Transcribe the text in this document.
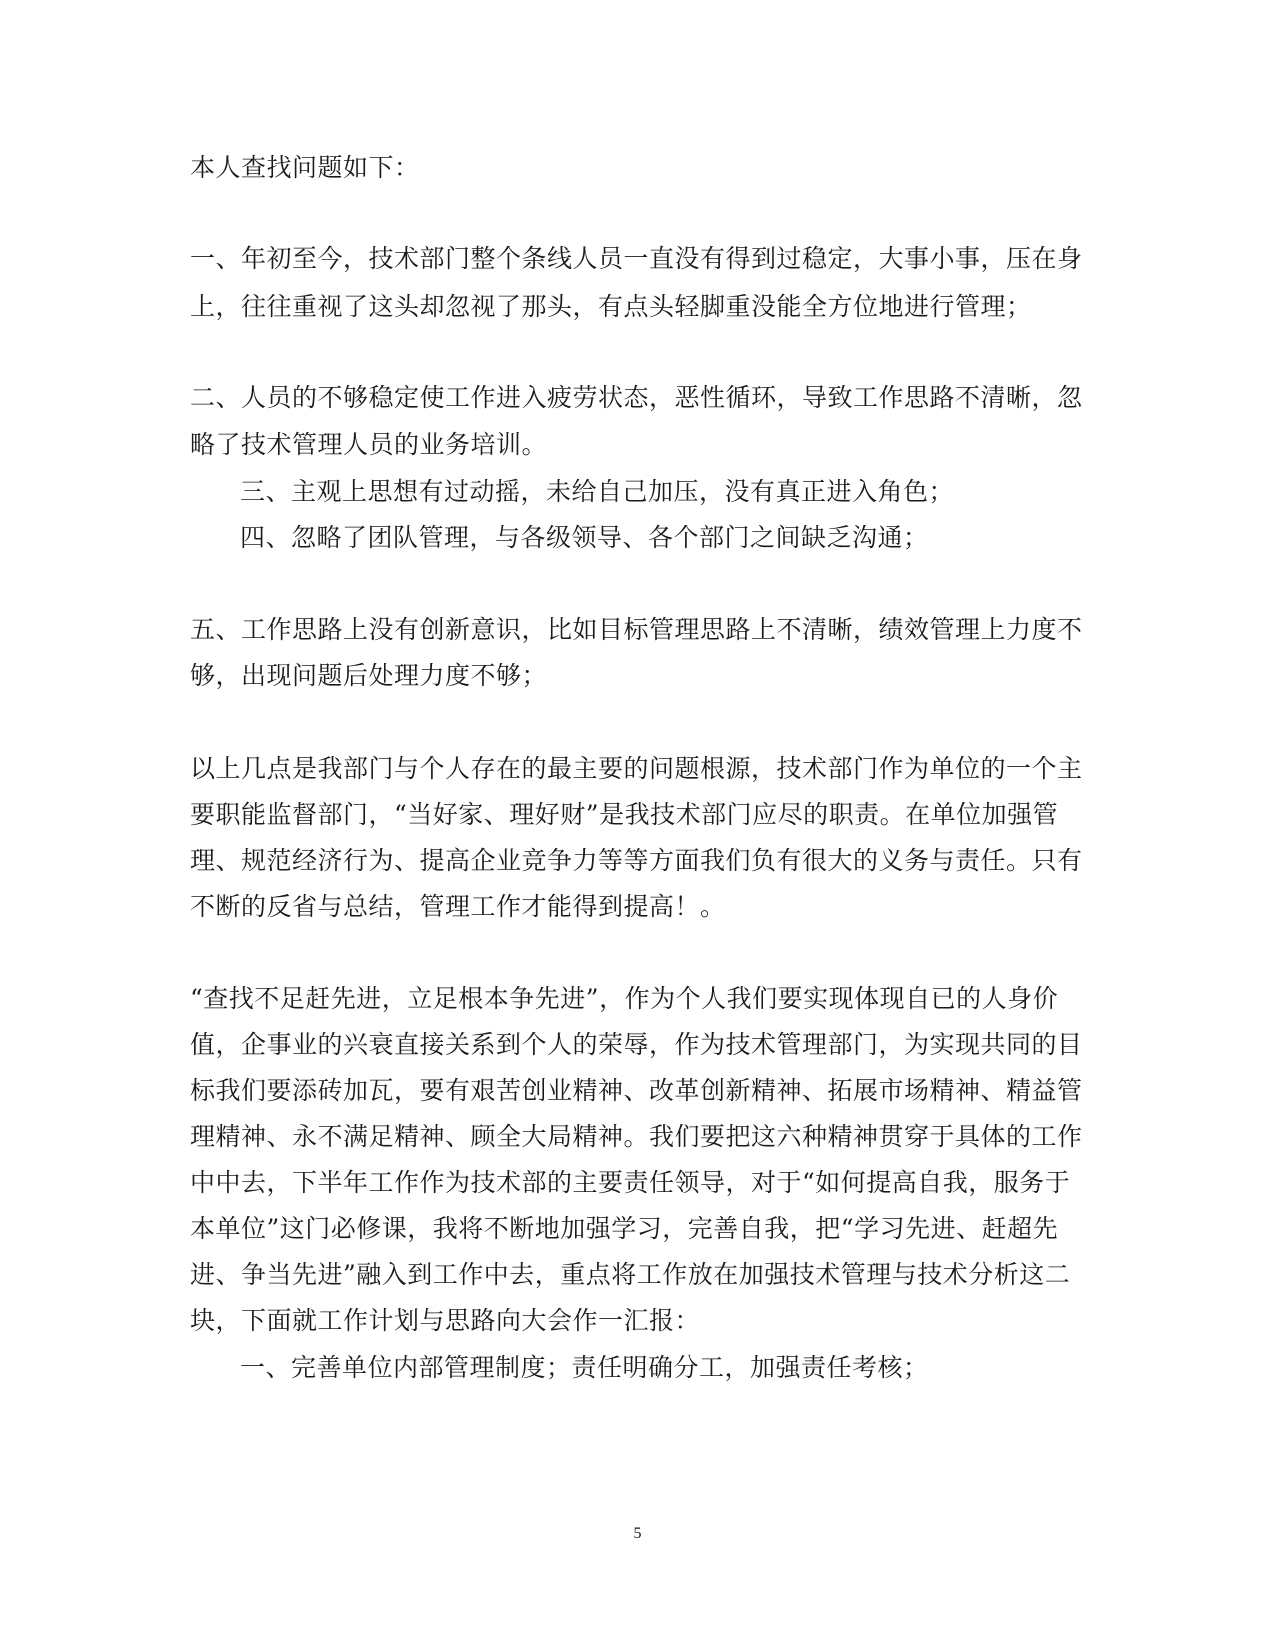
本人查找问题如下：
一、年初至今，技术部门整个条线人员一直没有得到过稳定，大事小事，压在身
上，往往重视了这头却忽视了那头，有点头轻脚重没能全方位地进行管理；
二、人员的不够稳定使工作进入疲劳状态，恶性循环，导致工作思路不清晰，忽
略了技术管理人员的业务培训。
三、主观上思想有过动摇，未给自己加压，没有真正进入角色；
四、忽略了团队管理，与各级领导、各个部门之间缺乏沟通；
五、工作思路上没有创新意识，比如目标管理思路上不清晰，绩效管理上力度不
够，出现问题后处理力度不够；
以上几点是我部门与个人存在的最主要的问题根源，技术部门作为单位的一个主
要职能监督部门，“当好家、理好财”是我技术部门应尽的职责。在单位加强管
理、规范经济行为、提高企业竞争力等等方面我们负有很大的义务与责任。只有
不断的反省与总结，管理工作才能得到提高！。
“查找不足赶先进，立足根本争先进”，作为个人我们要实现体现自已的人身价
值，企事业的兴衰直接关系到个人的荣辱，作为技术管理部门，为实现共同的目
标我们要添砖加瓦，要有艰苦创业精神、改革创新精神、拓展市场精神、精益管
理精神、永不满足精神、顾全大局精神。我们要把这六种精神贯穿于具体的工作
中中去，下半年工作作为技术部的主要责任领导，对于“如何提高自我，服务于
本单位”这门必修课，我将不断地加强学习，完善自我，把“学习先进、赶超先
进、争当先进”融入到工作中去，重点将工作放在加强技术管理与技术分析这二
块，下面就工作计划与思路向大会作一汇报：
一、完善单位内部管理制度；责任明确分工，加强责任考核；
5
